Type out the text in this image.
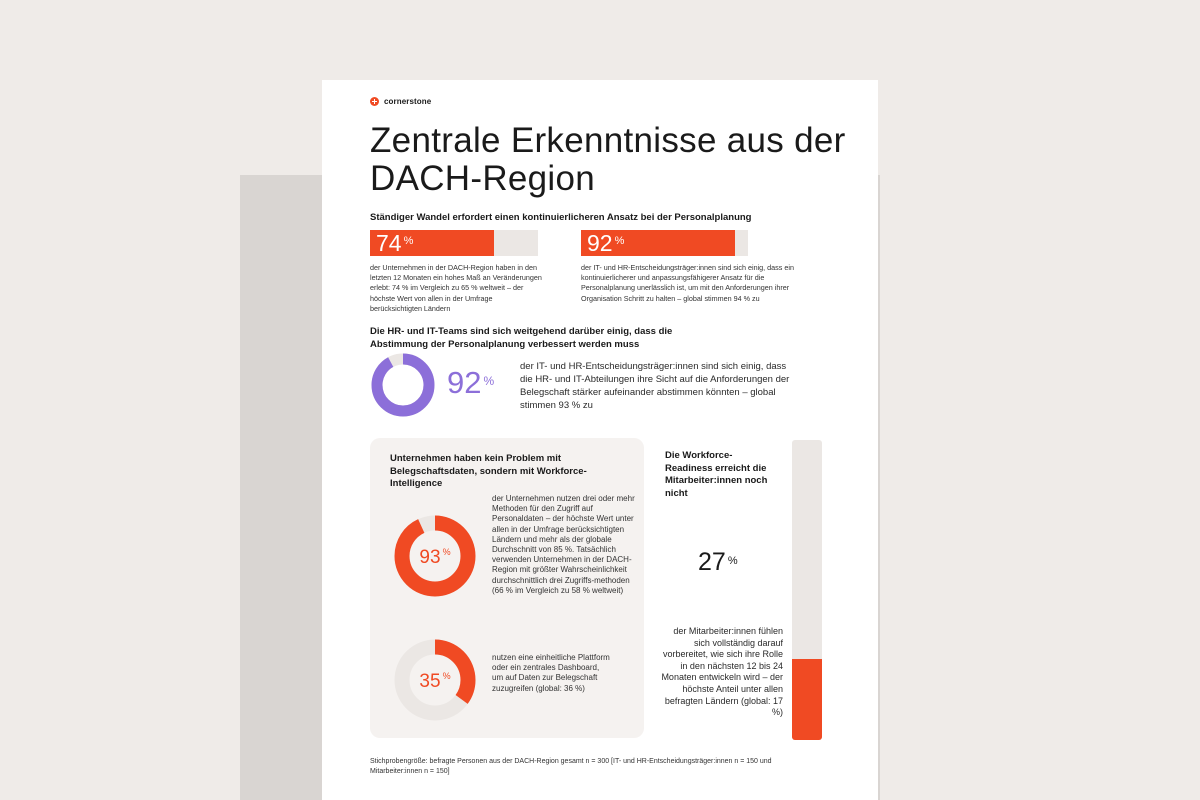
cornerstone
Zentrale Erkenntnisse aus der DACH-Region
Ständiger Wandel erfordert einen kontinuierlicheren Ansatz bei der Personalplanung
74 %	92 %

der Unternehmen in der DACH-Region haben in den letzten 12 Monaten ein hohes Maß an Veränderungen erlebt: 74 % im Vergleich zu 65 % weltweit – der höchste Wert von allen in der Umfrage berücksichtigten Ländern

der IT- und HR-Entscheidungsträger:innen sind sich einig, dass ein kontinuierlicherer und anpassungsfähigerer Ansatz für die Personalplanung unerlässlich ist, um mit den Anforderungen ihrer Organisation Schritt zu halten – global stimmen 94 % zu

Die HR- und IT-Teams sind sich weitgehend darüber einig, dass die Abstimmung der Personalplanung verbessert werden muss
92 %

der IT- und HR-Entscheidungsträger:innen sind sich einig, dass die HR- und IT-Abteilungen ihre Sicht auf die Anforderungen der Belegschaft stärker aufeinander abstimmen könnten – global stimmen 93 % zu

Unternehmen haben kein Problem mit Belegschaftsdaten, sondern mit Workforce-Intelligence
93 %

der Unternehmen nutzen drei oder mehr Methoden für den Zugriff auf Personaldaten – der höchste Wert unter allen in der Umfrage berücksichtigten Ländern und mehr als der globale Durchschnitt von 85 %. Tatsächlich verwenden Unternehmen in der DACH-Region mit größter Wahrscheinlichkeit durchschnittlich drei Zugriffs-methoden (66 % im Vergleich zu 58 % weltweit)

35 %

nutzen eine einheitliche Plattform oder ein zentrales Dashboard, um auf Daten zur Belegschaft zuzugreifen (global: 36 %)

Die Workforce-Readiness erreicht die Mitarbeiter:innen noch nicht
27 %

der Mitarbeiter:innen fühlen sich vollständig darauf vorbereitet, wie sich ihre Rolle in den nächsten 12 bis 24 Monaten entwickeln wird – der höchste Anteil unter allen befragten Ländern (global: 17 %)

Stichprobengröße: befragte Personen aus der DACH-Region gesamt n = 300 [IT- und HR-Entscheidungsträger:innen n = 150 und Mitarbeiter:innen n = 150]
